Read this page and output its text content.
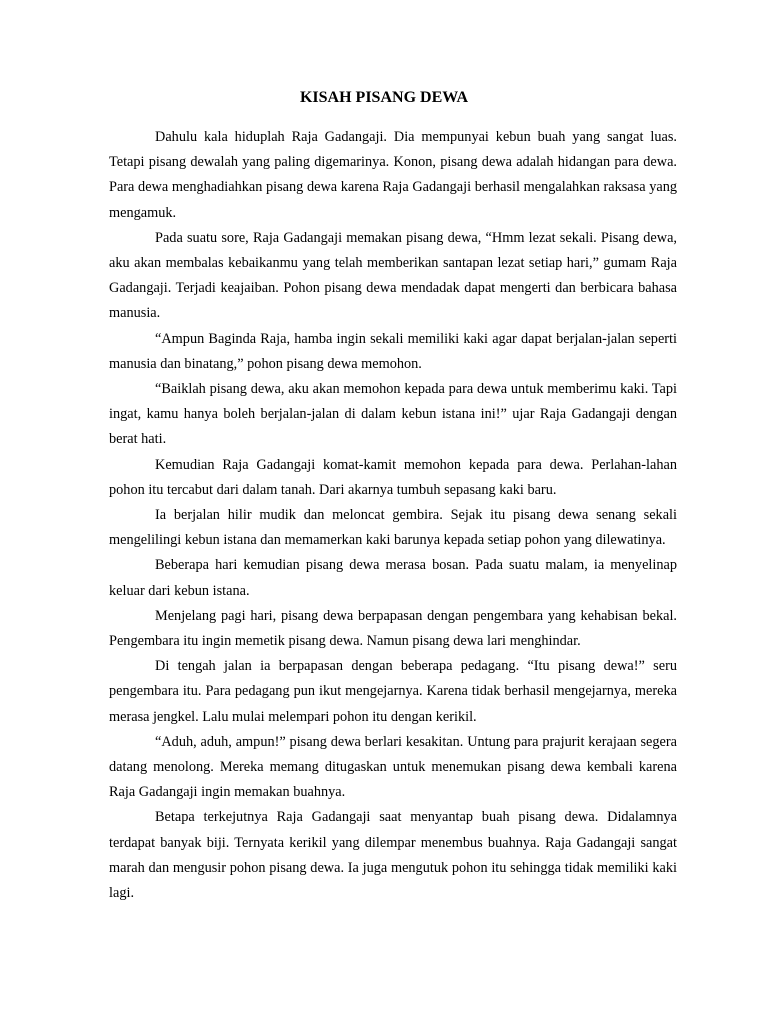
KISAH PISANG DEWA

Dahulu kala hiduplah Raja Gadangaji. Dia mempunyai kebun buah yang sangat luas. Tetapi pisang dewalah yang paling digemarinya. Konon, pisang dewa adalah hidangan para dewa. Para dewa menghadiahkan pisang dewa karena Raja Gadangaji berhasil mengalahkan raksasa yang mengamuk.

Pada suatu sore, Raja Gadangaji memakan pisang dewa, “Hmm lezat sekali. Pisang dewa, aku akan membalas kebaikanmu yang telah memberikan santapan lezat setiap hari,” gumam Raja Gadangaji. Terjadi keajaiban. Pohon pisang dewa mendadak dapat mengerti dan berbicara bahasa manusia.

“Ampun Baginda Raja, hamba ingin sekali memiliki kaki agar dapat berjalan-jalan seperti manusia dan binatang,” pohon pisang dewa memohon.

“Baiklah pisang dewa, aku akan memohon kepada para dewa untuk memberimu kaki. Tapi ingat, kamu hanya boleh berjalan-jalan di dalam kebun istana ini!” ujar Raja Gadangaji dengan berat hati.

Kemudian Raja Gadangaji komat-kamit memohon kepada para dewa. Perlahan-lahan pohon itu tercabut dari dalam tanah. Dari akarnya tumbuh sepasang kaki baru.

Ia berjalan hilir mudik dan meloncat gembira. Sejak itu pisang dewa senang sekali mengelilingi kebun istana dan memamerkan kaki barunya kepada setiap pohon yang dilewatinya.

Beberapa hari kemudian pisang dewa merasa bosan. Pada suatu malam, ia menyelinap keluar dari kebun istana.

Menjelang pagi hari, pisang dewa berpapasan dengan pengembara yang kehabisan bekal. Pengembara itu ingin memetik pisang dewa. Namun pisang dewa lari menghindar.

Di tengah jalan ia berpapasan dengan beberapa pedagang. “Itu pisang dewa!” seru pengembara itu. Para pedagang pun ikut mengejarnya. Karena tidak berhasil mengejarnya, mereka merasa jengkel. Lalu mulai melempari pohon itu dengan kerikil.

“Aduh, aduh, ampun!” pisang dewa berlari kesakitan. Untung para prajurit kerajaan segera datang menolong. Mereka memang ditugaskan untuk menemukan pisang dewa kembali karena Raja Gadangaji ingin memakan buahnya.

Betapa terkejutnya Raja Gadangaji saat menyantap buah pisang dewa. Didalamnya terdapat banyak biji. Ternyata kerikil yang dilempar menembus buahnya. Raja Gadangaji sangat marah dan mengusir pohon pisang dewa. Ia juga mengutuk pohon itu sehingga tidak memiliki kaki lagi.
